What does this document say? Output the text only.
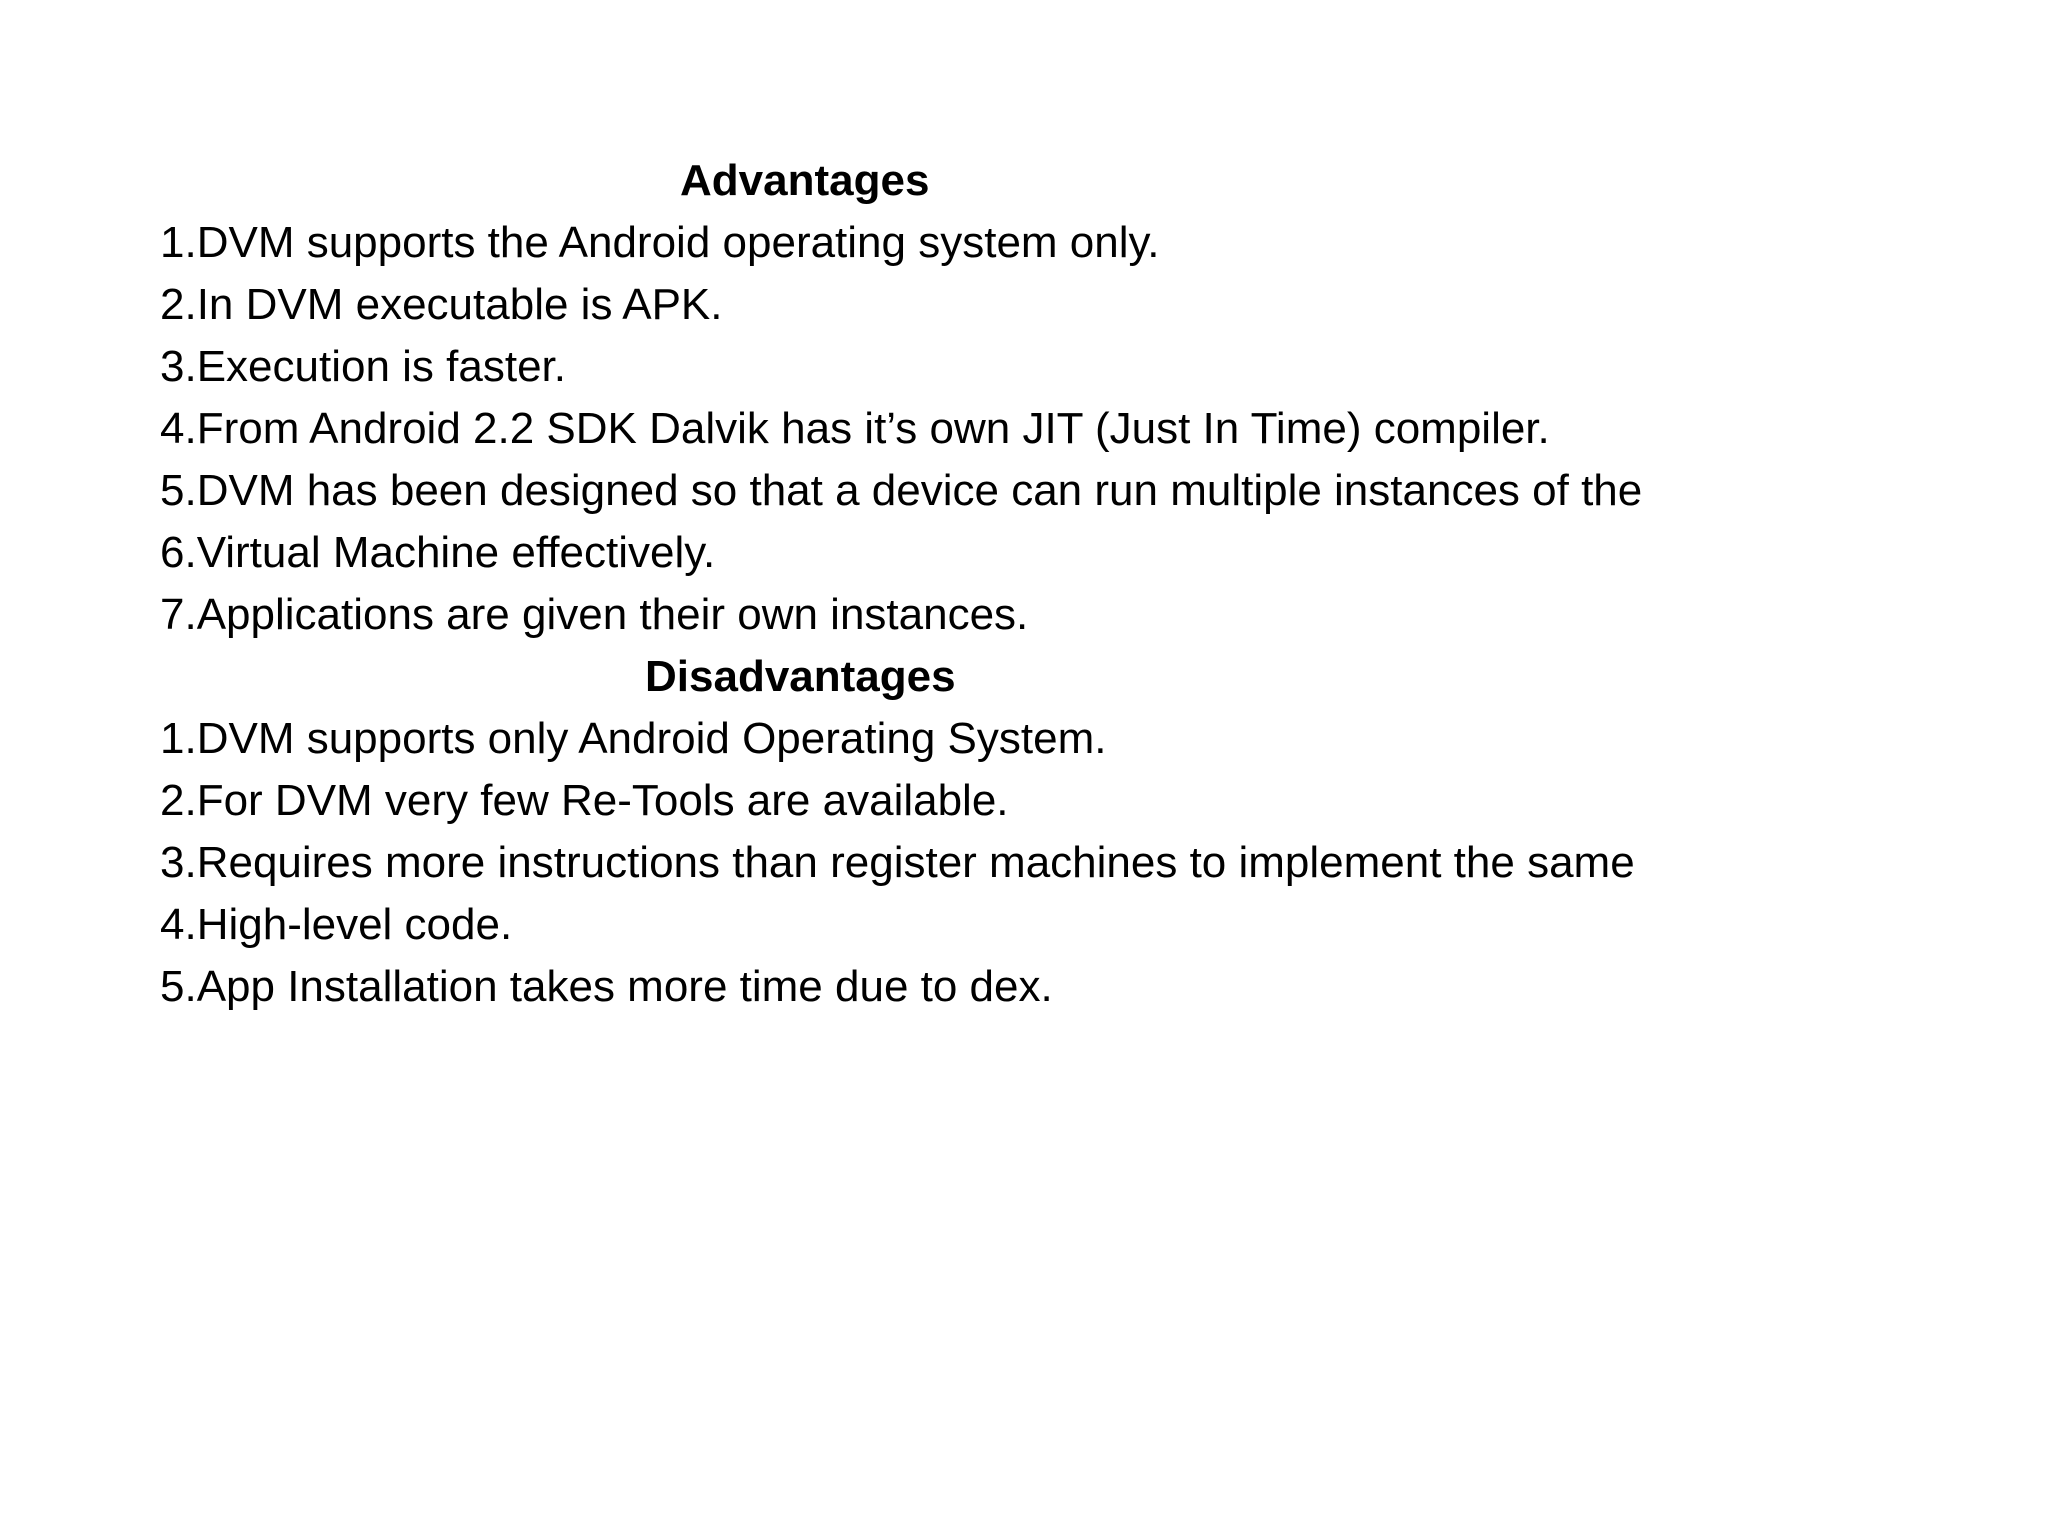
Advantages
1.DVM supports the Android operating system only.
2.In DVM executable is APK.
3.Execution is faster.
4.From Android 2.2 SDK Dalvik has it’s own JIT (Just In Time) compiler.
5.DVM has been designed so that a device can run multiple instances of the
6.Virtual Machine effectively.
7.Applications are given their own instances.
Disadvantages
1.DVM supports only Android Operating System.
2.For DVM very few Re-Tools are available.
3.Requires more instructions than register machines to implement the same
4.High-level code.
5.App Installation takes more time due to dex.
